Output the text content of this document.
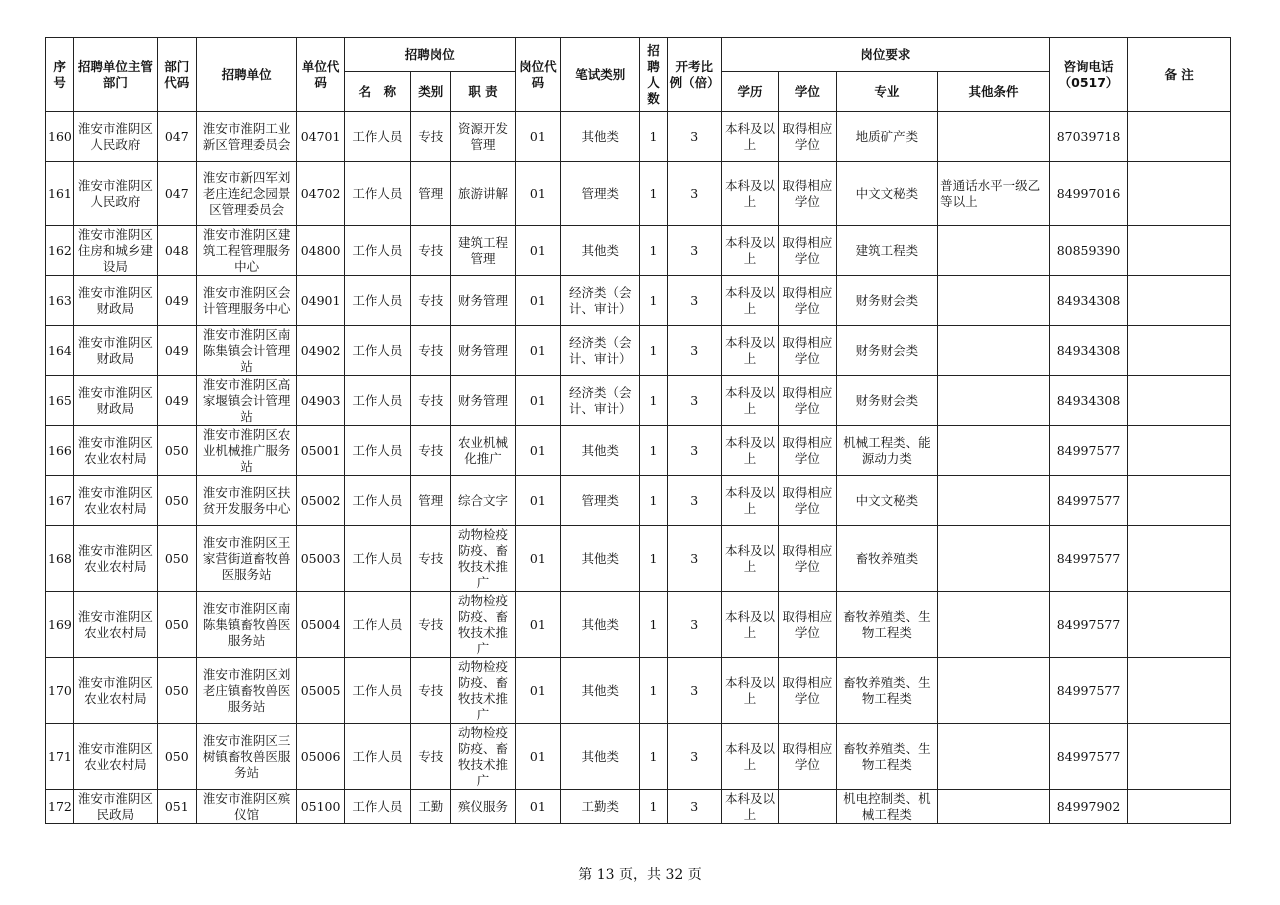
序号	招聘单位主管部门	部门代码	招聘单位	单位代码	招聘岗位			岗位代码	笔试类别	招聘人数	开考比例（倍）	岗位要求				咨询电话（0517）	备 注
					名　称	类别	职 责					学历	学位	专业	其他条件		
160	淮安市淮阴区人民政府	047	淮安市淮阴工业新区管理委员会	04701	工作人员	专技	资源开发管理	01	其他类	1	3	本科及以上	取得相应学位	地质矿产类		87039718	
161	淮安市淮阴区人民政府	047	淮安市新四军刘老庄连纪念园景区管理委员会	04702	工作人员	管理	旅游讲解	01	管理类	1	3	本科及以上	取得相应学位	中文文秘类	普通话水平一级乙等以上	84997016	
162	淮安市淮阴区住房和城乡建设局	048	淮安市淮阴区建筑工程管理服务中心	04800	工作人员	专技	建筑工程管理	01	其他类	1	3	本科及以上	取得相应学位	建筑工程类		80859390	
163	淮安市淮阴区财政局	049	淮安市淮阴区会计管理服务中心	04901	工作人员	专技	财务管理	01	经济类（会计、审计）	1	3	本科及以上	取得相应学位	财务财会类		84934308	
164	淮安市淮阴区财政局	049	淮安市淮阴区南陈集镇会计管理站	04902	工作人员	专技	财务管理	01	经济类（会计、审计）	1	3	本科及以上	取得相应学位	财务财会类		84934308	
165	淮安市淮阴区财政局	049	淮安市淮阴区高家堰镇会计管理站	04903	工作人员	专技	财务管理	01	经济类（会计、审计）	1	3	本科及以上	取得相应学位	财务财会类		84934308	
166	淮安市淮阴区农业农村局	050	淮安市淮阴区农业机械推广服务站	05001	工作人员	专技	农业机械化推广	01	其他类	1	3	本科及以上	取得相应学位	机械工程类、能源动力类		84997577	
167	淮安市淮阴区农业农村局	050	淮安市淮阴区扶贫开发服务中心	05002	工作人员	管理	综合文字	01	管理类	1	3	本科及以上	取得相应学位	中文文秘类		84997577	
168	淮安市淮阴区农业农村局	050	淮安市淮阴区王家营街道畜牧兽医服务站	05003	工作人员	专技	动物检疫防疫、畜牧技术推广	01	其他类	1	3	本科及以上	取得相应学位	畜牧养殖类		84997577	
169	淮安市淮阴区农业农村局	050	淮安市淮阴区南陈集镇畜牧兽医服务站	05004	工作人员	专技	动物检疫防疫、畜牧技术推广	01	其他类	1	3	本科及以上	取得相应学位	畜牧养殖类、生物工程类		84997577	
170	淮安市淮阴区农业农村局	050	淮安市淮阴区刘老庄镇畜牧兽医服务站	05005	工作人员	专技	动物检疫防疫、畜牧技术推广	01	其他类	1	3	本科及以上	取得相应学位	畜牧养殖类、生物工程类		84997577	
171	淮安市淮阴区农业农村局	050	淮安市淮阴区三树镇畜牧兽医服务站	05006	工作人员	专技	动物检疫防疫、畜牧技术推广	01	其他类	1	3	本科及以上	取得相应学位	畜牧养殖类、生物工程类		84997577	
172	淮安市淮阴区民政局	051	淮安市淮阴区殡仪馆	05100	工作人员	工勤	殡仪服务	01	工勤类	1	3	本科及以上		机电控制类、机械工程类		84997902	
第 13 页，共 32 页
